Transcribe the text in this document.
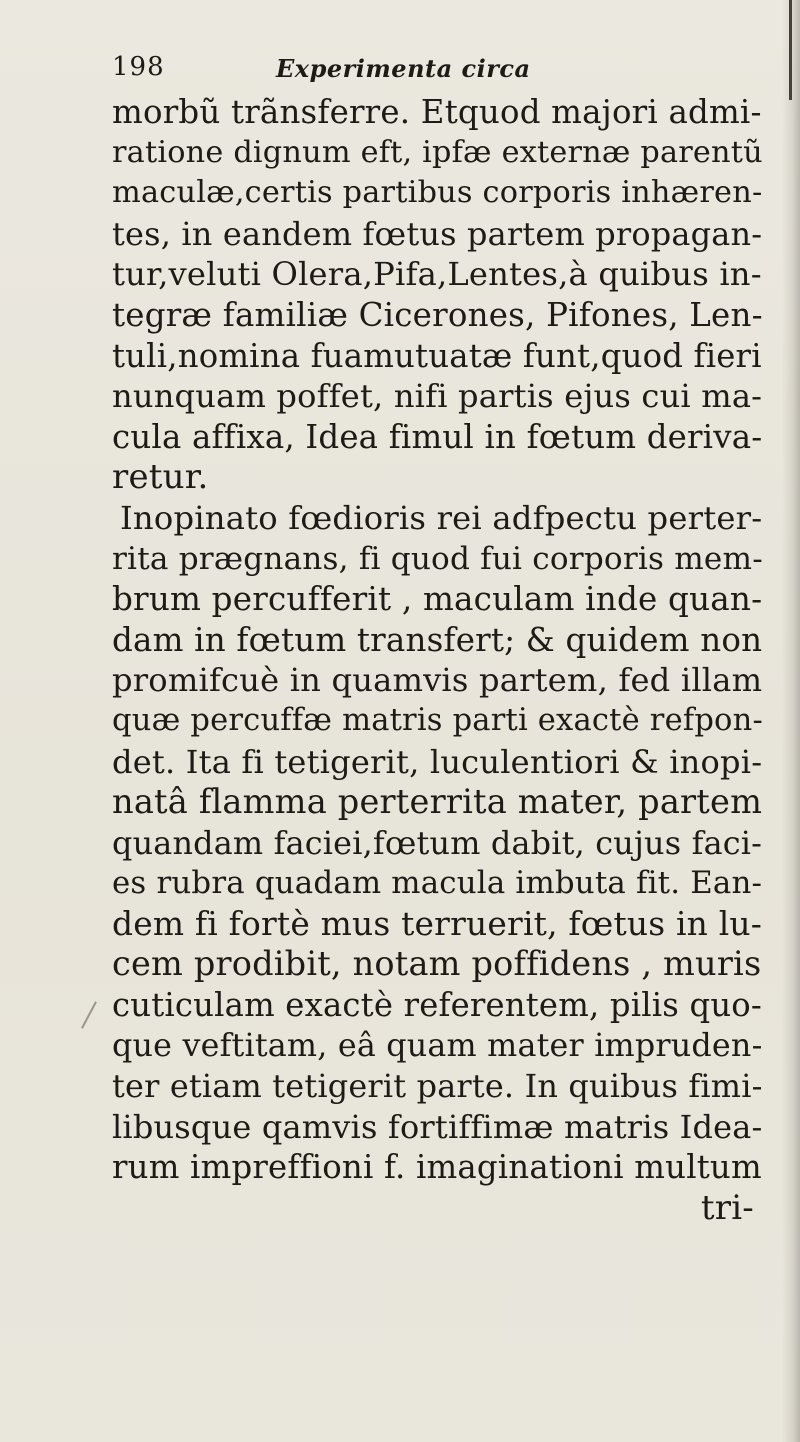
198	Experimenta circa
morbũ trãnsferre. Etquod majori admi-
ratione dignum eft, ipfæ externæ parentũ
maculæ,certis partibus corporis inhæren-
tes, in eandem fœtus partem propagan-
tur,veluti Olera,Pifa,Lentes,à quibus in-
tegræ familiæ Cicerones, Pifones, Len-
tuli,nomina fuamutuatæ funt,quod fieri
nunquam poffet, nifi partis ejus cui ma-
cula affixa, Idea fimul in fœtum deriva-
retur.
Inopinato fœdioris rei adfpectu perter-
rita prægnans, fi quod fui corporis mem-
brum percufferit , maculam inde quan-
dam in fœtum transfert; & quidem non
promifcuè in quamvis partem, fed illam
quæ percuffæ matris parti exactè refpon-
det. Ita fi tetigerit, luculentiori & inopi-
natâ flamma perterrita mater, partem
quandam faciei,fœtum dabit, cujus faci-
es rubra quadam macula imbuta fit. Ean-
dem fi fortè mus terruerit, fœtus in lu-
cem prodibit, notam poffidens , muris
cuticulam exactè referentem, pilis quo-
que veftitam, eâ quam mater impruden-
ter etiam tetigerit parte. In quibus fimi-
libusque qamvis fortiffimæ matris Idea-
rum impreffioni f. imaginationi multum
tri-
